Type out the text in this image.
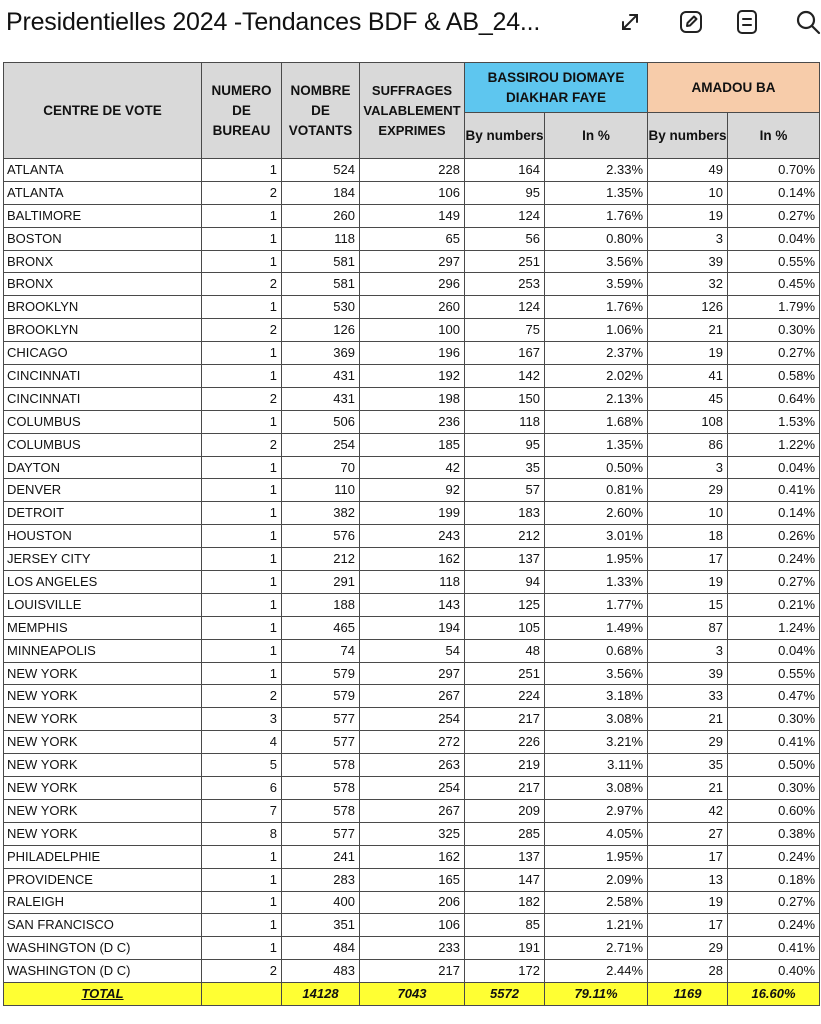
Presidentielles 2024 -Tendances BDF & AB_24...
CENTRE DE VOTE	NUMERO DE BUREAU	NOMBRE DE VOTANTS	SUFFRAGES VALABLEMENT EXPRIMES	BASSIROU DIOMAYE DIAKHAR FAYE		AMADOU BA	
				By numbers	In %	By numbers	In %
ATLANTA	1	524	228	164	2.33%	49	0.70%
ATLANTA	2	184	106	95	1.35%	10	0.14%
BALTIMORE	1	260	149	124	1.76%	19	0.27%
BOSTON	1	118	65	56	0.80%	3	0.04%
BRONX	1	581	297	251	3.56%	39	0.55%
BRONX	2	581	296	253	3.59%	32	0.45%
BROOKLYN	1	530	260	124	1.76%	126	1.79%
BROOKLYN	2	126	100	75	1.06%	21	0.30%
CHICAGO	1	369	196	167	2.37%	19	0.27%
CINCINNATI	1	431	192	142	2.02%	41	0.58%
CINCINNATI	2	431	198	150	2.13%	45	0.64%
COLUMBUS	1	506	236	118	1.68%	108	1.53%
COLUMBUS	2	254	185	95	1.35%	86	1.22%
DAYTON	1	70	42	35	0.50%	3	0.04%
DENVER	1	110	92	57	0.81%	29	0.41%
DETROIT	1	382	199	183	2.60%	10	0.14%
HOUSTON	1	576	243	212	3.01%	18	0.26%
JERSEY CITY	1	212	162	137	1.95%	17	0.24%
LOS ANGELES	1	291	118	94	1.33%	19	0.27%
LOUISVILLE	1	188	143	125	1.77%	15	0.21%
MEMPHIS	1	465	194	105	1.49%	87	1.24%
MINNEAPOLIS	1	74	54	48	0.68%	3	0.04%
NEW YORK	1	579	297	251	3.56%	39	0.55%
NEW YORK	2	579	267	224	3.18%	33	0.47%
NEW YORK	3	577	254	217	3.08%	21	0.30%
NEW YORK	4	577	272	226	3.21%	29	0.41%
NEW YORK	5	578	263	219	3.11%	35	0.50%
NEW YORK	6	578	254	217	3.08%	21	0.30%
NEW YORK	7	578	267	209	2.97%	42	0.60%
NEW YORK	8	577	325	285	4.05%	27	0.38%
PHILADELPHIE	1	241	162	137	1.95%	17	0.24%
PROVIDENCE	1	283	165	147	2.09%	13	0.18%
RALEIGH	1	400	206	182	2.58%	19	0.27%
SAN FRANCISCO	1	351	106	85	1.21%	17	0.24%
WASHINGTON (D C)	1	484	233	191	2.71%	29	0.41%
WASHINGTON (D C)	2	483	217	172	2.44%	28	0.40%
TOTAL		14128	7043	5572	79.11%	1169	16.60%
